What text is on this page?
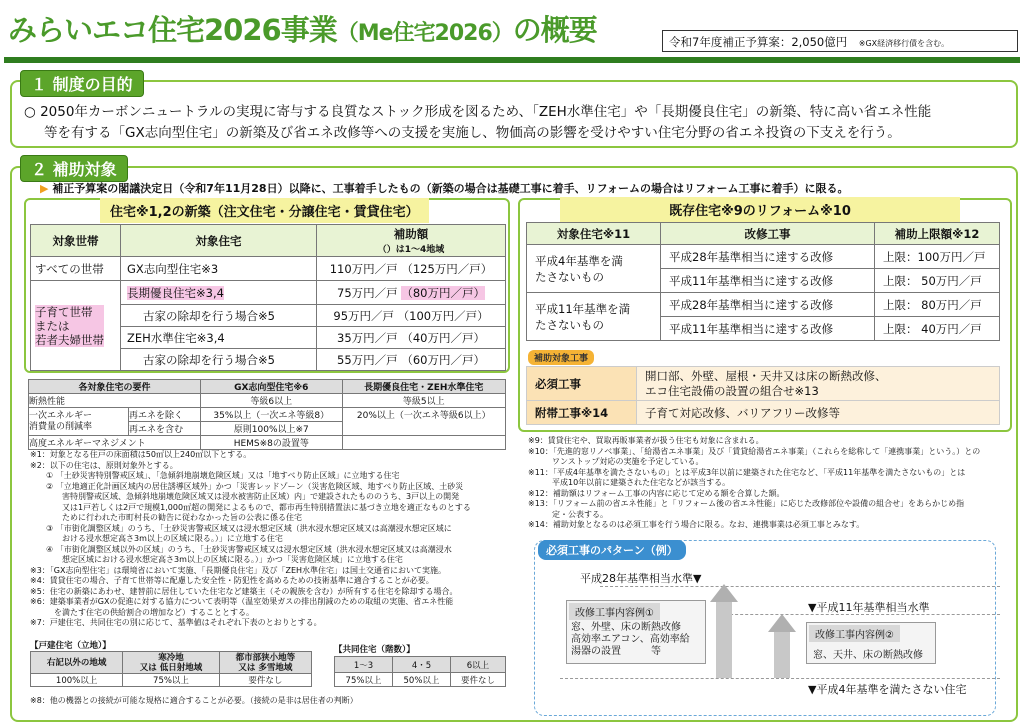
みらいエコ住宅2026事業（Me住宅2026）の概要	令和7年度補正予算案：2,050億円　 ※GX経済移行債を含む。
１ 制度の目的
○ 2050年カーボンニュートラルの実現に寄与する良質なストック形成を図るため、「ZEH水準住宅」や「長期優良住宅」の新築、特に高い省エネ性能
等を有する「GX志向型住宅」の新築及び省エネ改修等への支援を実施し、物価高の影響を受けやすい住宅分野の省エネ投資の下支えを行う。
２ 補助対象
▶ 補正予算案の閣議決定日（令和7年11月28日）以降に、工事着手したもの（新築の場合は基礎工事に着手、リフォームの場合はリフォーム工事に着手）に限る。
住宅※1,2の新築（注文住宅・分譲住宅・賃貸住宅）
対象世帯	対象住宅	補助額
（）は1～4地域

すべての世帯	GX志向型住宅※3	110万円／戸 （125万円／戸）
子育て世帯
または
若者夫婦世帯	長期優良住宅※3,4	75万円／戸 （80万円／戸）
	古家の除却を行う場合※5	95万円／戸 （100万円／戸）
	ZEH水準住宅※3,4	35万円／戸 （40万円／戸）
	古家の除却を行う場合※5	55万円／戸 （60万円／戸）
各対象住宅の要件		GX志向型住宅※6	長期優良住宅・ZEH水準住宅
断熱性能		等級6以上	等級5以上

一次エネルギー
消費量の削減率	再エネを除く	35%以上（一次エネ等級8）	20%以上（一次エネ等級6以上）
	再エネを含む	原則100%以上※7	
高度エネルギーマネジメント		HEMS※8の設置等	
※1：対象となる住戸の床面積は50㎡以上240㎡以下とする。
※2：以下の住宅は、原則対象外とする。
　　① 「土砂災害特別警戒区域」、「急傾斜地崩壊危険区域」又は「地すべり防止区域」に立地する住宅
　　② 「立地適正化計画区域内の居住誘導区域外」かつ「災害レッドゾーン（災害危険区域、地すべり防止区域、土砂災
　　　　害特別警戒区域、急傾斜地崩壊危険区域又は浸水被害防止区域）内」で建設されたもののうち、3戸以上の開発
　　　　又は1戸若しくは2戸で規模1,000㎡超の開発によるもので、都市再生特別措置法に基づき立地を適正なものとする
　　　　ために行われた市町村長の勧告に従わなかった旨の公表に係る住宅
　　③ 「市街化調整区域」のうち、「土砂災害警戒区域又は浸水想定区域（洪水浸水想定区域又は高潮浸水想定区域に
　　　　おける浸水想定高さ3m以上の区域に限る。）」に立地する住宅
　　④ 「市街化調整区域以外の区域」のうち、「土砂災害警戒区域又は浸水想定区域（洪水浸水想定区域又は高潮浸水
　　　　想定区域における浸水想定高さ3m以上の区域に限る。）」かつ「災害危険区域」に立地する住宅
※3：「GX志向型住宅」は環境省において実施、「長期優良住宅」及び「ZEH水準住宅」は国土交通省において実施。
※4：賃貸住宅の場合、子育て世帯等に配慮した安全性・防犯性を高めるための技術基準に適合することが必要。
※5：住宅の新築にあわせ、建替前に居住していた住宅など建築主（その親族を含む）が所有する住宅を除却する場合。
※6：建築事業者がGXの促進に対する協力について表明等（温室効果ガスの排出削減のための取組の実施、省エネ性能
　　　を満たす住宅の供給割合の増加など）することとする。
※7：戸建住宅、共同住宅の別に応じて、基準値はそれぞれ下表のとおりとする。
【戸建住宅（立地）】
右記以外の地域	寒冷地
又は 低日射地域	都市部狭小地等
又は 多雪地域
100%以上	75%以上	要件なし
【共同住宅（階数）】
1～3	4・5	6以上
75%以上	50%以上	要件なし
※8：他の機器との接続が可能な規格に適合することが必要。（接続の是非は居住者の判断）
既存住宅※9のリフォーム※10
対象住宅※11	改修工事	補助上限額※12
平成4年基準を満
たさないもの	平成28年基準相当に達する改修	上限：100万円／戸
	平成11年基準相当に達する改修	上限： 50万円／戸
平成11年基準を満
たさないもの	平成28年基準相当に達する改修	上限： 80万円／戸
	平成11年基準相当に達する改修	上限： 40万円／戸
補助対象工事
必須工事	開口部、外壁、屋根・天井又は床の断熱改修、
エコ住宅設備の設置の組合せ※13

附帯工事※14	子育て対応改修、バリアフリー改修等
※9：賃貸住宅や、買取再販事業者が扱う住宅も対象に含まれる。
※10：「先進的窓リノベ事業」、「給湯省エネ事業」及び「賃貸給湯省エネ事業」（これらを総称して「連携事業」という。）との
　　　ワンストップ対応の実施を予定している。
※11：「平成4年基準を満たさないもの」とは平成3年以前に建築された住宅など、「平成11年基準を満たさないもの」とは
　　　平成10年以前に建築された住宅などが該当する。
※12：補助額はリフォーム工事の内容に応じて定める額を合算した額。
※13：「リフォーム前の省エネ性能」と「リフォーム後の省エネ性能」に応じた改修部位や設備の組合せ」をあらかじめ指
　　　定・公表する。
※14：補助対象となるのは必須工事を行う場合に限る。なお、連携事業は必須工事とみなす。
必須工事のパターン（例）
平成28年基準相当水準▼
▼平成11年基準相当水準
▼平成4年基準を満たさない住宅
改修工事内容例①
窓、外壁、床の断熱改修
高効率エアコン、高効率給
湯器の設置　　　等
改修工事内容例②
窓、天井、床の断熱改修
